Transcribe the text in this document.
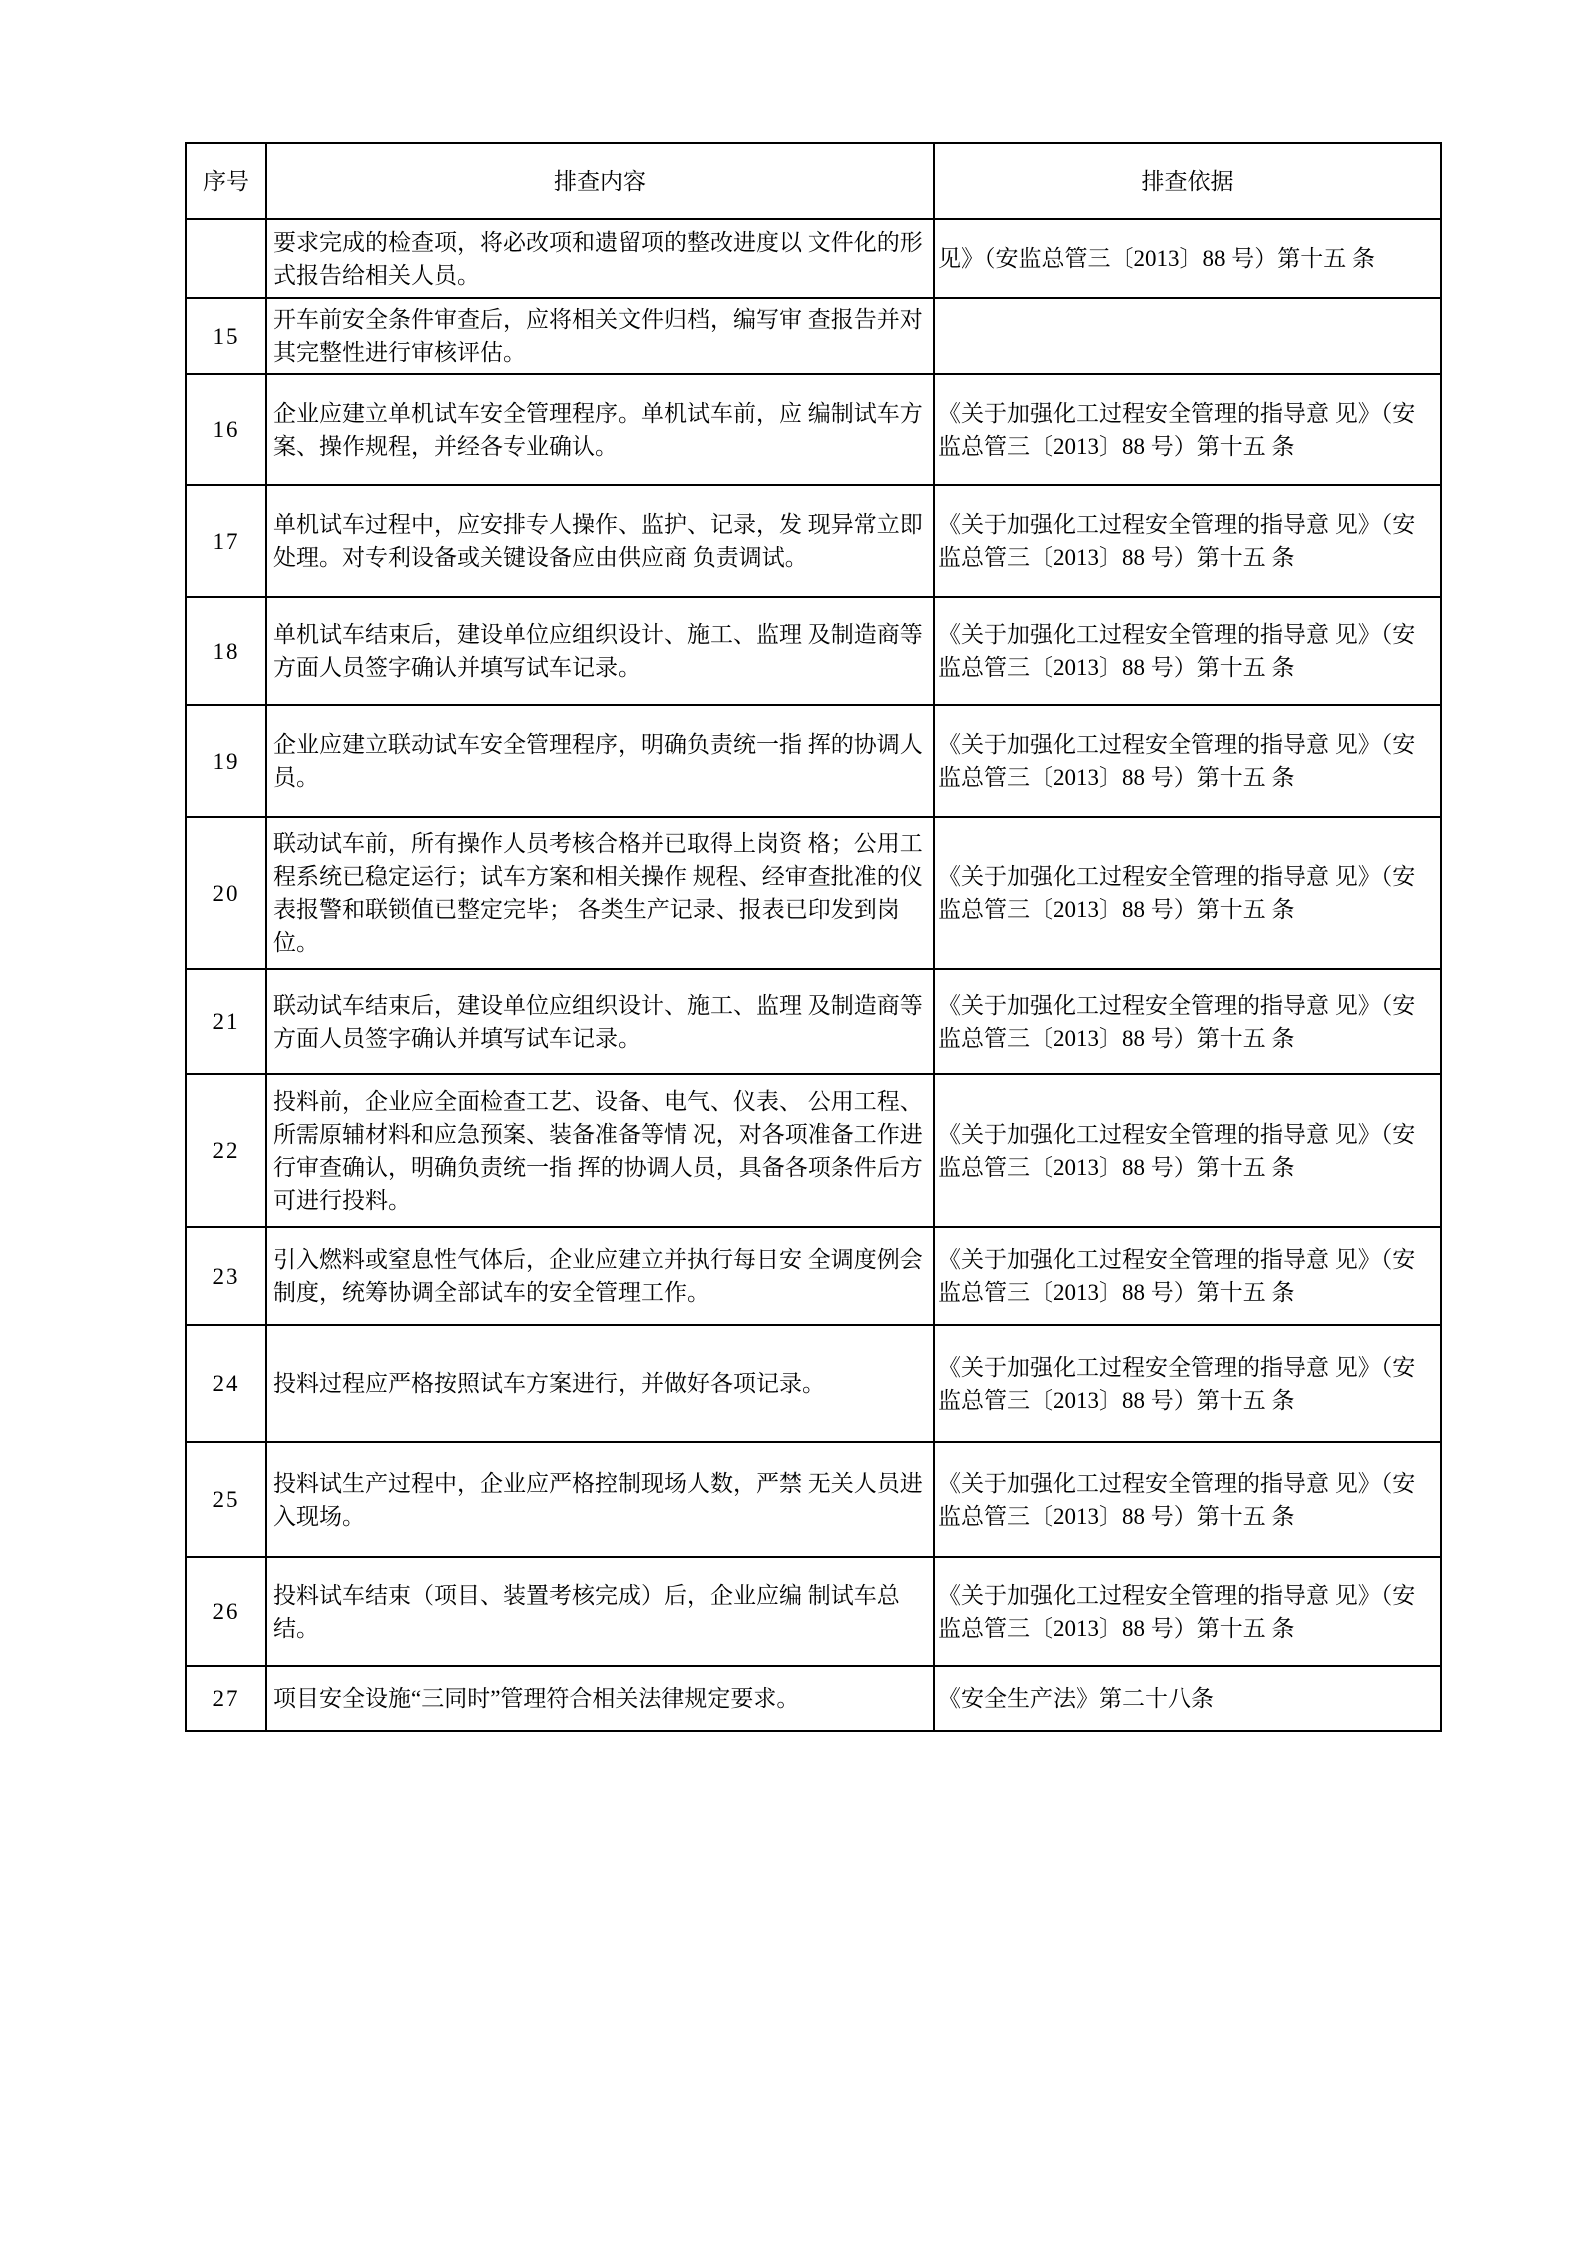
序号	排查内容	排查依据
	要求完成的检查项，将必改项和遗留项的整改进度以 文件化的形式报告给相关人员。	见》（安监总管三〔2013〕88 号）第十五 条
15	开车前安全条件审查后，应将相关文件归档，编写审 查报告并对其完整性进行审核评估。	
16	企业应建立单机试车安全管理程序。单机试车前，应 编制试车方案、操作规程，并经各专业确认。	《关于加强化工过程安全管理的指导意 见》（安监总管三〔2013〕88 号）第十五 条
17	单机试车过程中，应安排专人操作、监护、记录，发 现异常立即处理。对专利设备或关键设备应由供应商 负责调试。	《关于加强化工过程安全管理的指导意 见》（安监总管三〔2013〕88 号）第十五 条
18	单机试车结束后，建设单位应组织设计、施工、监理 及制造商等方面人员签字确认并填写试车记录。	《关于加强化工过程安全管理的指导意 见》（安监总管三〔2013〕88 号）第十五 条
19	企业应建立联动试车安全管理程序，明确负责统一指 挥的协调人员。	《关于加强化工过程安全管理的指导意 见》（安监总管三〔2013〕88 号）第十五 条
20	联动试车前，所有操作人员考核合格并已取得上岗资 格；公用工程系统已稳定运行；试车方案和相关操作 规程、经审查批准的仪表报警和联锁值已整定完毕； 各类生产记录、报表已印发到岗位。	《关于加强化工过程安全管理的指导意 见》（安监总管三〔2013〕88 号）第十五 条
21	联动试车结束后，建设单位应组织设计、施工、监理 及制造商等方面人员签字确认并填写试车记录。	《关于加强化工过程安全管理的指导意 见》（安监总管三〔2013〕88 号）第十五 条
22	投料前，企业应全面检查工艺、设备、电气、仪表、 公用工程、所需原辅材料和应急预案、装备准备等情 况，对各项准备工作进行审查确认，明确负责统一指 挥的协调人员，具备各项条件后方可进行投料。	《关于加强化工过程安全管理的指导意 见》（安监总管三〔2013〕88 号）第十五 条
23	引入燃料或窒息性气体后，企业应建立并执行每日安 全调度例会制度，统筹协调全部试车的安全管理工作。	《关于加强化工过程安全管理的指导意 见》（安监总管三〔2013〕88 号）第十五 条
24	投料过程应严格按照试车方案进行，并做好各项记录。	《关于加强化工过程安全管理的指导意 见》（安监总管三〔2013〕88 号）第十五 条
25	投料试生产过程中，企业应严格控制现场人数，严禁 无关人员进入现场。	《关于加强化工过程安全管理的指导意 见》（安监总管三〔2013〕88 号）第十五 条
26	投料试车结束（项目、装置考核完成）后，企业应编 制试车总结。	《关于加强化工过程安全管理的指导意 见》（安监总管三〔2013〕88 号）第十五 条
27	项目安全设施“三同时”管理符合相关法律规定要求。	《安全生产法》第二十八条
